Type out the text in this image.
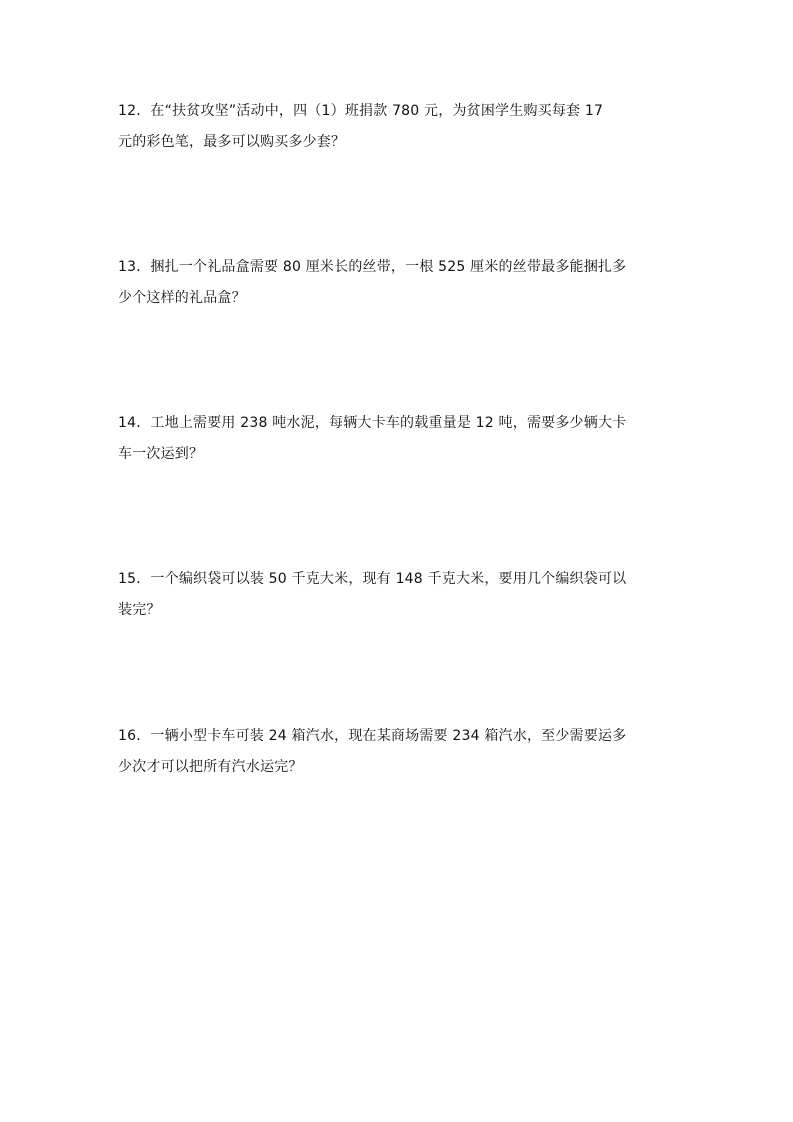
12．在“扶贫攻坚”活动中，四（1）班捐款 780 元，为贫困学生购买每套 17
元的彩色笔，最多可以购买多少套？
13．捆扎一个礼品盒需要 80 厘米长的丝带，一根 525 厘米的丝带最多能捆扎多
少个这样的礼品盒？
14．工地上需要用 238 吨水泥，每辆大卡车的载重量是 12 吨，需要多少辆大卡
车一次运到？
15．一个编织袋可以装 50 千克大米，现有 148 千克大米，要用几个编织袋可以
装完？
16．一辆小型卡车可装 24 箱汽水，现在某商场需要 234 箱汽水，至少需要运多
少次才可以把所有汽水运完？
